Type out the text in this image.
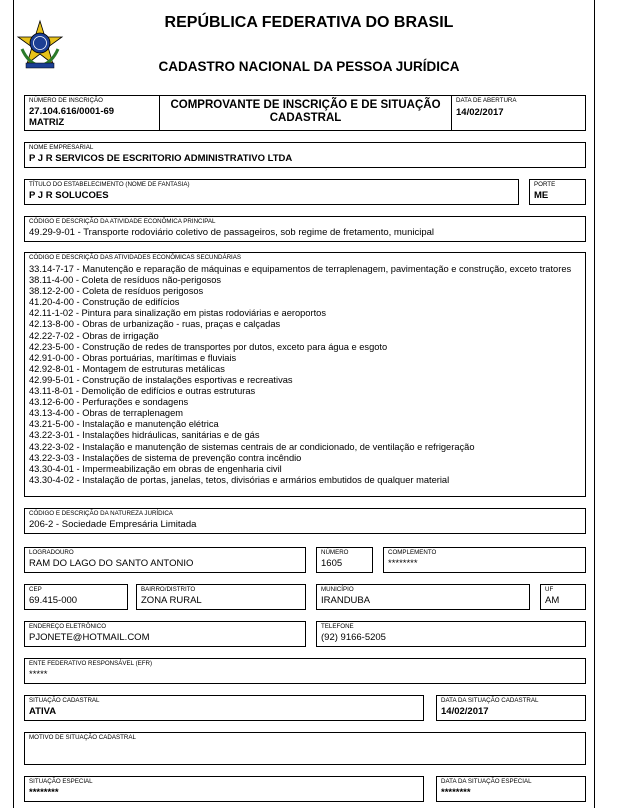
REPÚBLICA FEDERATIVA DO BRASIL
CADASTRO NACIONAL DA PESSOA JURÍDICA
NÚMERO DE INSCRIÇÃO
27.104.616/0001-69
MATRIZ
COMPROVANTE DE INSCRIÇÃO E DE SITUAÇÃO
CADASTRAL
DATA DE ABERTURA
14/02/2017
NOME EMPRESARIAL
P J R SERVICOS DE ESCRITORIO ADMINISTRATIVO LTDA
TÍTULO DO ESTABELECIMENTO (NOME DE FANTASIA)
P J R SOLUCOES
PORTE
ME
CÓDIGO E DESCRIÇÃO DA ATIVIDADE ECONÔMICA PRINCIPAL
49.29-9-01 - Transporte rodoviário coletivo de passageiros, sob regime de fretamento, municipal
CÓDIGO E DESCRIÇÃO DAS ATIVIDADES ECONÔMICAS SECUNDÁRIAS
33.14-7-17 - Manutenção e reparação de máquinas e equipamentos de terraplenagem, pavimentação e construção, exceto tratores
38.11-4-00 - Coleta de resíduos não-perigosos
38.12-2-00 - Coleta de resíduos perigosos
41.20-4-00 - Construção de edifícios
42.11-1-02 - Pintura para sinalização em pistas rodoviárias e aeroportos
42.13-8-00 - Obras de urbanização - ruas, praças e calçadas
42.22-7-02 - Obras de irrigação
42.23-5-00 - Construção de redes de transportes por dutos, exceto para água e esgoto
42.91-0-00 - Obras portuárias, marítimas e fluviais
42.92-8-01 - Montagem de estruturas metálicas
42.99-5-01 - Construção de instalações esportivas e recreativas
43.11-8-01 - Demolição de edifícios e outras estruturas
43.12-6-00 - Perfurações e sondagens
43.13-4-00 - Obras de terraplenagem
43.21-5-00 - Instalação e manutenção elétrica
43.22-3-01 - Instalações hidráulicas, sanitárias e de gás
43.22-3-02 - Instalação e manutenção de sistemas centrais de ar condicionado, de ventilação e refrigeração
43.22-3-03 - Instalações de sistema de prevenção contra incêndio
43.30-4-01 - Impermeabilização em obras de engenharia civil
43.30-4-02 - Instalação de portas, janelas, tetos, divisórias e armários embutidos de qualquer material
CÓDIGO E DESCRIÇÃO DA NATUREZA JURÍDICA
206-2 - Sociedade Empresária Limitada
LOGRADOURO
RAM DO LAGO DO SANTO ANTONIO
NÚMERO
1605
COMPLEMENTO
********
CEP
69.415-000
BAIRRO/DISTRITO
ZONA RURAL
MUNICÍPIO
IRANDUBA
UF
AM
ENDEREÇO ELETRÔNICO
PJONETE@HOTMAIL.COM
TELEFONE
(92) 9166-5205
ENTE FEDERATIVO RESPONSÁVEL (EFR)
*****
SITUAÇÃO CADASTRAL
ATIVA
DATA DA SITUAÇÃO CADASTRAL
14/02/2017
MOTIVO DE SITUAÇÃO CADASTRAL
SITUAÇÃO ESPECIAL
********
DATA DA SITUAÇÃO ESPECIAL
********
